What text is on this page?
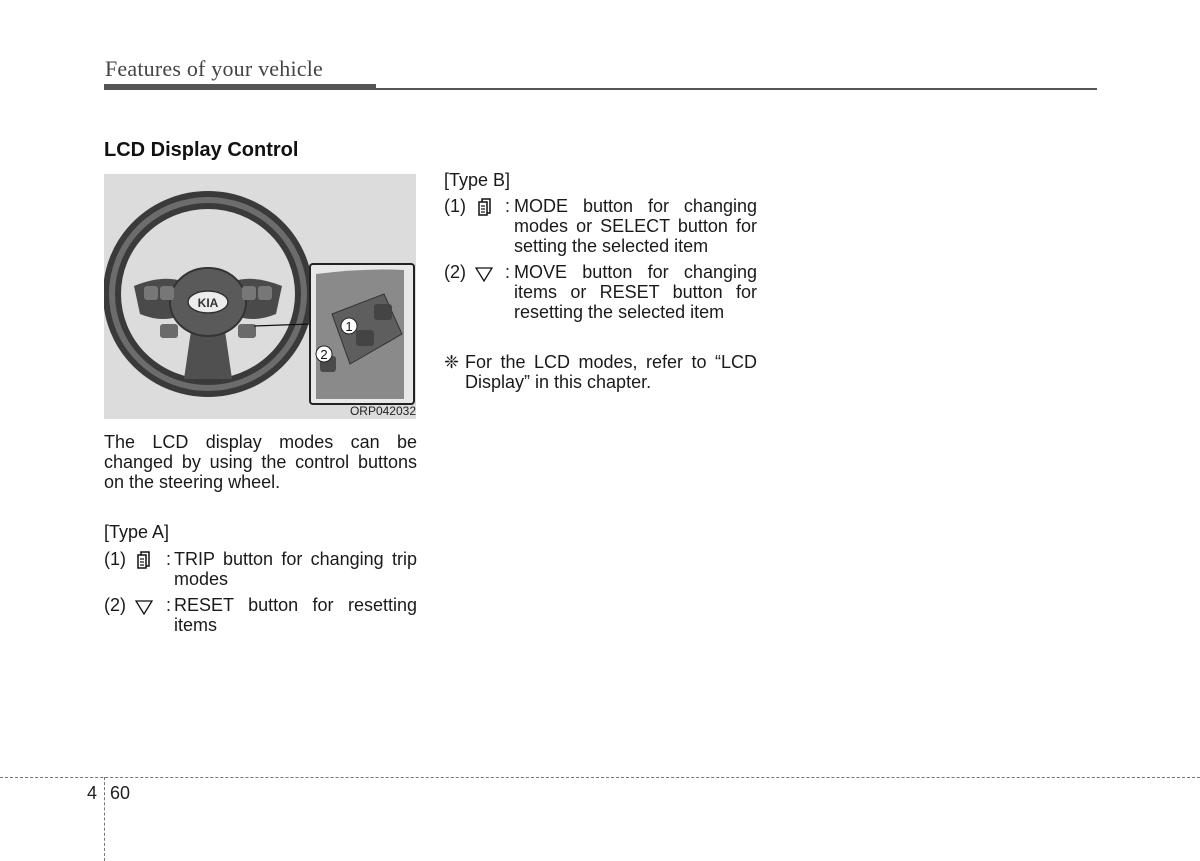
Features of your vehicle
LCD Display Control
KIA
1
2
ORP042032
The LCD display modes can be changed by using the control buttons on the steering wheel.
[Type A]
(1) : TRIP button for changing trip modes
(2) : RESET button for resetting items
[Type B]
(1) : MODE button for changing modes or SELECT button for setting the selected item
(2) : MOVE button for changing items or RESET button for resetting the selected item
❈ For the LCD modes, refer to “LCD Display” in this chapter.
4 60
